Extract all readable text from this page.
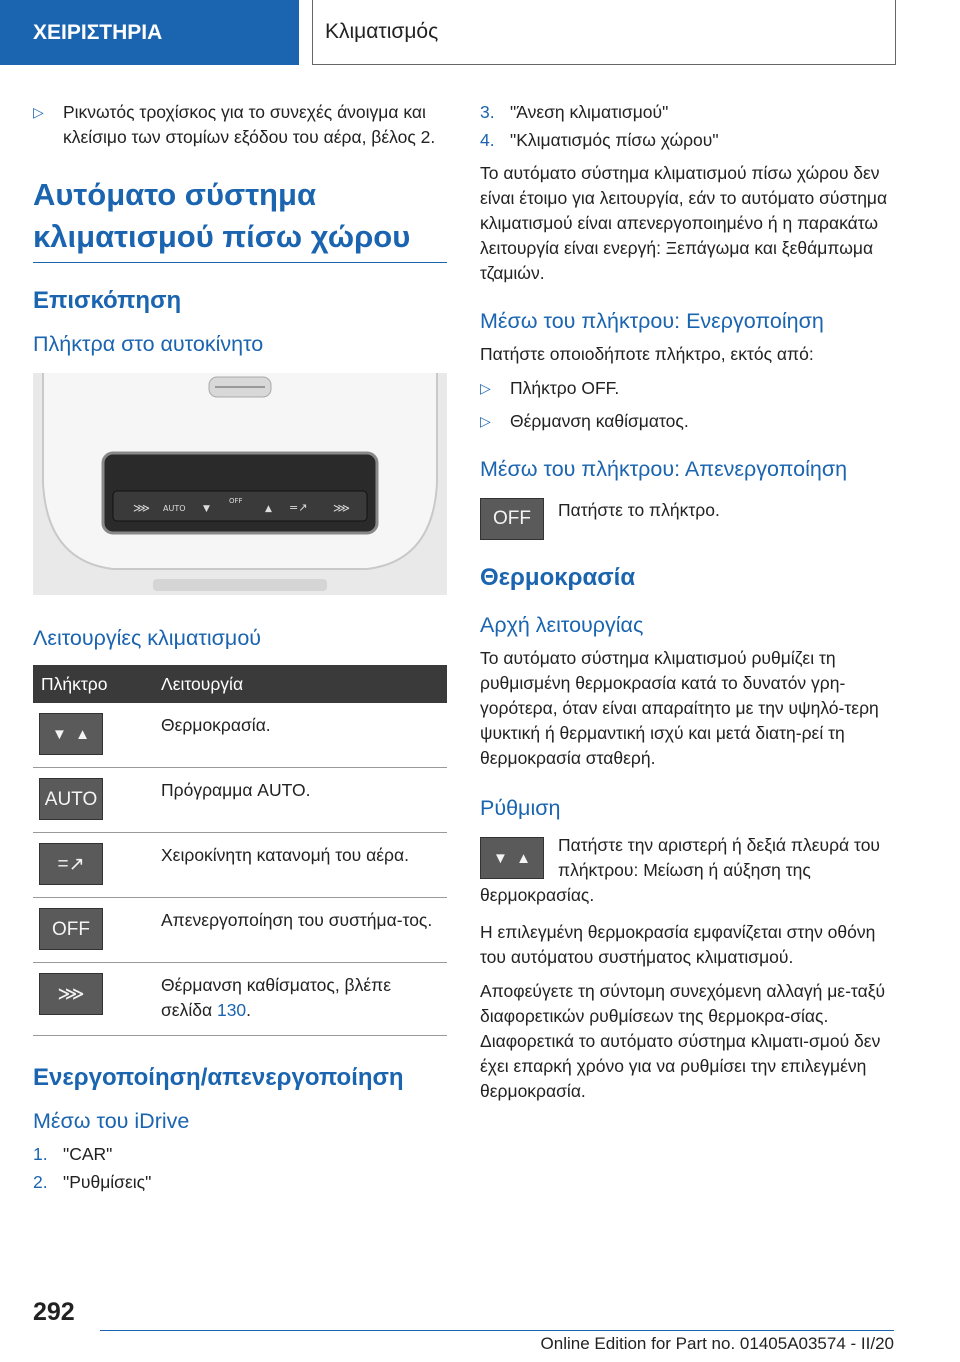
ΧΕΙΡΙΣΤΗΡΙΑ	Κλιματισμός
▷	Ρικνωτός τροχίσκος για το συνεχές άνοιγμα και κλείσιμο των στομίων εξόδου του αέρα, βέλος 2.
Αυτόματο σύστημα κλιματισμού πίσω χώρου
Επισκόπηση
Πλήκτρα στο αυτοκίνητο
⋙ AUTO ▼
OFF
▲ =↗ ⋙
Λειτουργίες κλιματισμού
Πλήκτρο	Λειτουργία
▼  ▲	Θερμοκρασία.
AUTO	Πρόγραμμα AUTO.
=↗	Χειροκίνητη κατανομή του αέρα.
OFF	Απενεργοποίηση του συστήμα-τος.
⋙	Θέρμανση καθίσματος, βλέπε σελίδα 130.
Ενεργοποίηση/απενεργοποίηση
Μέσω του iDrive
1. "CAR"
2. "Ρυθμίσεις"
3. "Άνεση κλιματισμού"
4. "Κλιματισμός πίσω χώρου"

Το αυτόματο σύστημα κλιματισμού πίσω χώρου δεν είναι έτοιμο για λειτουργία, εάν το αυτόματο σύστημα κλιματισμού είναι απενεργοποιημένο ή η παρακάτω λειτουργία είναι ενεργή: Ξεπάγωμα και ξεθάμπωμα τζαμιών.

Μέσω του πλήκτρου: Ενεργοποίηση

Πατήστε οποιοδήποτε πλήκτρο, εκτός από:

▷	Πλήκτρο OFF.
▷	Θέρμανση καθίσματος.
Μέσω του πλήκτρου: Απενεργοποίηση
OFF	Πατήστε το πλήκτρο.
Θερμοκρασία
Αρχή λειτουργίας

Το αυτόματο σύστημα κλιματισμού ρυθμίζει τη ρυθμισμένη θερμοκρασία κατά το δυνατόν γρη-γορότερα, όταν είναι απαραίτητο με την υψηλό-τερη ψυκτική ή θερμαντική ισχύ και μετά διατη-ρεί τη θερμοκρασία σταθερή.

Ρύθμιση
▼  ▲
Πατήστε την αριστερή ή δεξιά πλευρά του πλήκτρου: Μείωση ή αύξηση της θερμοκρασίας.

Η επιλεγμένη θερμοκρασία εμφανίζεται στην οθόνη του αυτόματου συστήματος κλιματισμού.

Αποφεύγετε τη σύντομη συνεχόμενη αλλαγή με-ταξύ διαφορετικών ρυθμίσεων της θερμοκρα-σίας. Διαφορετικά το αυτόματο σύστημα κλιματι-σμού δεν έχει επαρκή χρόνο για να ρυθμίσει την επιλεγμένη θερμοκρασία.

292
Online Edition for Part no. 01405A03574 - II/20
